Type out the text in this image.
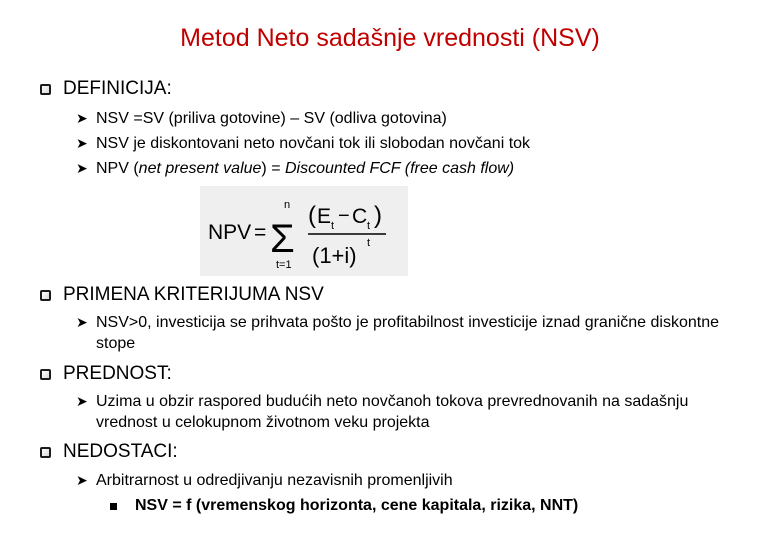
Metod Neto sadašnje vrednosti (NSV)
DEFINICIJA:
➤ NSV =SV (priliva gotovine) – SV (odliva gotovina)
➤ NSV je diskontovani neto novčani tok ili slobodan novčani tok
➤ NPV (net present value) = Discounted FCF (free cash flow)
NPV =
n
Σ
t=1
( E t − C t )
(1+i) t
PRIMENA KRITERIJUMA NSV
➤ NSV>0, investicija se prihvata pošto je profitabilnost investicije iznad granične diskontne stope
PREDNOST:
➤ Uzima u obzir raspored budućih neto novčanoh tokova prevrednovanih na sadašnju vrednost u celokupnom životnom veku projekta
NEDOSTACI:
➤ Arbitrarnost u odredjivanju nezavisnih promenljivih
NSV = f (vremenskog horizonta, cene kapitala, rizika, NNT)
